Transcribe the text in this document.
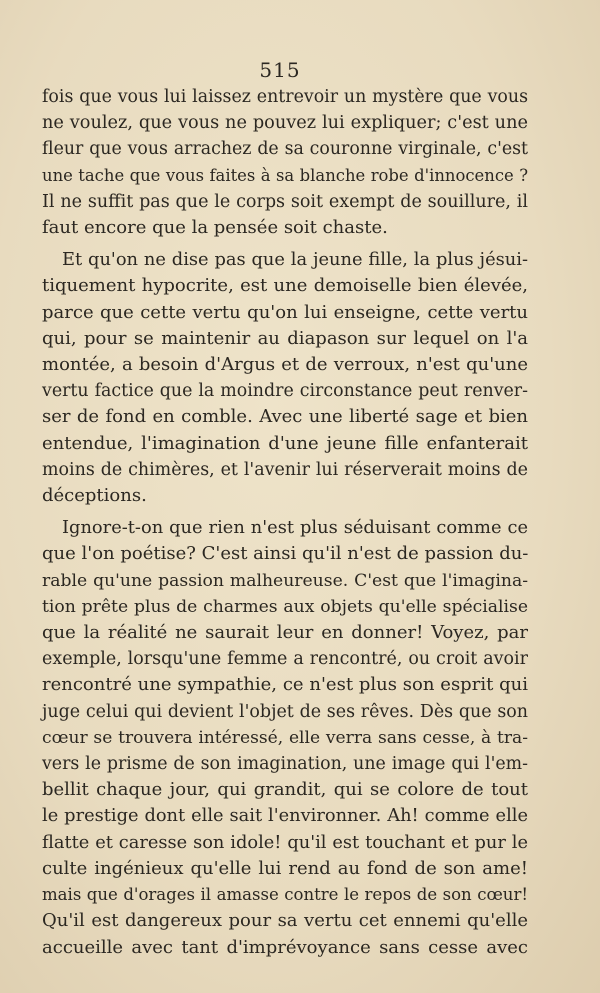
515
fois que vous lui laissez entrevoir un mystère que vous
ne voulez, que vous ne pouvez lui expliquer; c'est une
fleur que vous arrachez de sa couronne virginale, c'est
une tache que vous faites à sa blanche robe d'innocence ?
Il ne suffit pas que le corps soit exempt de souillure, il
faut encore que la pensée soit chaste.
Et qu'on ne dise pas que la jeune fille, la plus jésui-
tiquement hypocrite, est une demoiselle bien élevée,
parce que cette vertu qu'on lui enseigne, cette vertu
qui, pour se maintenir au diapason sur lequel on l'a
montée, a besoin d'Argus et de verroux, n'est qu'une
vertu factice que la moindre circonstance peut renver-
ser de fond en comble. Avec une liberté sage et bien
entendue, l'imagination d'une jeune fille enfanterait
moins de chimères, et l'avenir lui réserverait moins de
déceptions.
Ignore-t-on que rien n'est plus séduisant comme ce
que l'on poétise? C'est ainsi qu'il n'est de passion du-
rable qu'une passion malheureuse. C'est que l'imagina-
tion prête plus de charmes aux objets qu'elle spécialise
que la réalité ne saurait leur en donner! Voyez, par
exemple, lorsqu'une femme a rencontré, ou croit avoir
rencontré une sympathie, ce n'est plus son esprit qui
juge celui qui devient l'objet de ses rêves. Dès que son
cœur se trouvera intéressé, elle verra sans cesse, à tra-
vers le prisme de son imagination, une image qui l'em-
bellit chaque jour, qui grandit, qui se colore de tout
le prestige dont elle sait l'environner. Ah! comme elle
flatte et caresse son idole! qu'il est touchant et pur le
culte ingénieux qu'elle lui rend au fond de son ame!
mais que d'orages il amasse contre le repos de son cœur!
Qu'il est dangereux pour sa vertu cet ennemi qu'elle
accueille avec tant d'imprévoyance sans cesse avec
